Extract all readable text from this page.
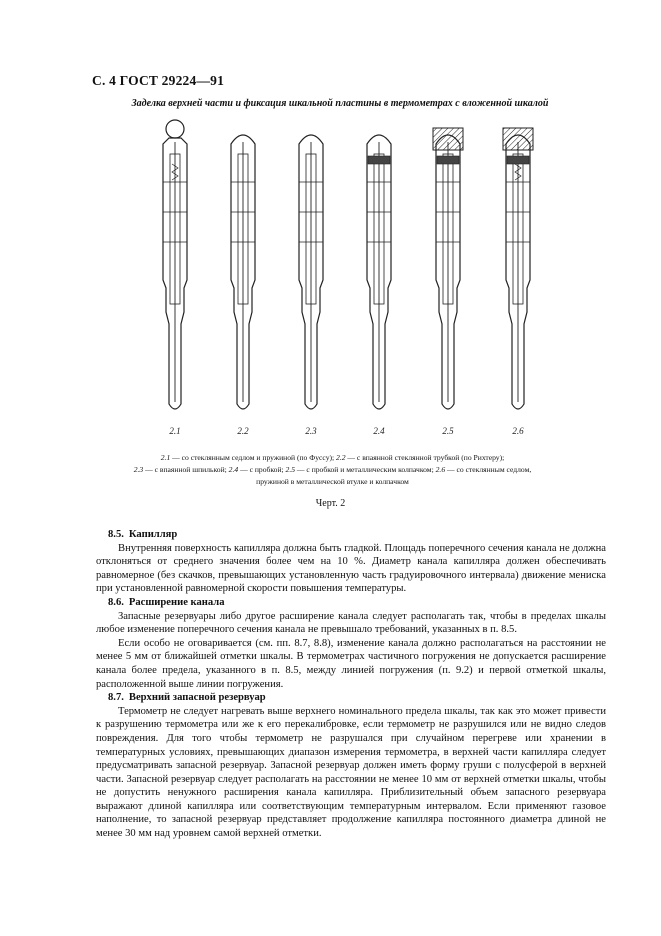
С. 4 ГОСТ 29224—91
Заделка верхней части и фиксация шкальной пластины в термометрах с вложенной шкалой
2.1	2.2	2.3	2.4	2.5	2.6
2.1 — со стеклянным седлом и пружиной (по Фуссу); 2.2 — с впаянной стеклянной трубкой (по Рихтеру);
2.3 — с впаянной шпилькой; 2.4 — с пробкой; 2.5 — с пробкой и металлическим колпачком; 2.6 — со стеклянным седлом,
пружиной в металлической втулке и колпачком
Черт. 2
8.5. Капилляр

Внутренняя поверхность капилляра должна быть гладкой. Площадь поперечного сечения канала не должна отклоняться от среднего значения более чем на 10 %. Диаметр канала капилляра должен обеспечивать равномерное (без скачков, превышающих установленную часть градуировочного интервала) движение мениска при установленной равномерной скорости повышения температуры.

8.6. Расширение канала

Запасные резервуары либо другое расширение канала следует располагать так, чтобы в пределах шкалы любое изменение поперечного сечения канала не превышало требований, указанных в п. 8.5.

Если особо не оговаривается (см. пп. 8.7, 8.8), изменение канала должно располагаться на расстоянии не менее 5 мм от ближайшей отметки шкалы. В термометрах частичного погружения не допускается расширение канала более предела, указанного в п. 8.5, между линией погружения (п. 9.2) и первой отметкой шкалы, расположенной выше линии погружения.

8.7. Верхний запасной резервуар

Термометр не следует нагревать выше верхнего номинального предела шкалы, так как это может привести к разрушению термометра или же к его перекалибровке, если термометр не разрушился или не видно следов повреждения. Для того чтобы термометр не разрушался при случайном перегреве или хранении в температурных условиях, превышающих диапазон измерения термометра, в верхней части капилляра следует предусматривать запасной резервуар. Запасной резервуар должен иметь форму груши с полусферой в верхней части. Запасной резервуар следует располагать на расстоянии не менее 10 мм от верхней отметки шкалы, чтобы не допустить ненужного расширения канала капилляра. Приблизительный объем запасного резервуара выражают длиной капилляра или соответствующим температурным интервалом. Если применяют газовое наполнение, то запасной резервуар представляет продолжение капилляра постоянного диаметра длиной не менее 30 мм над уровнем самой верхней отметки.
